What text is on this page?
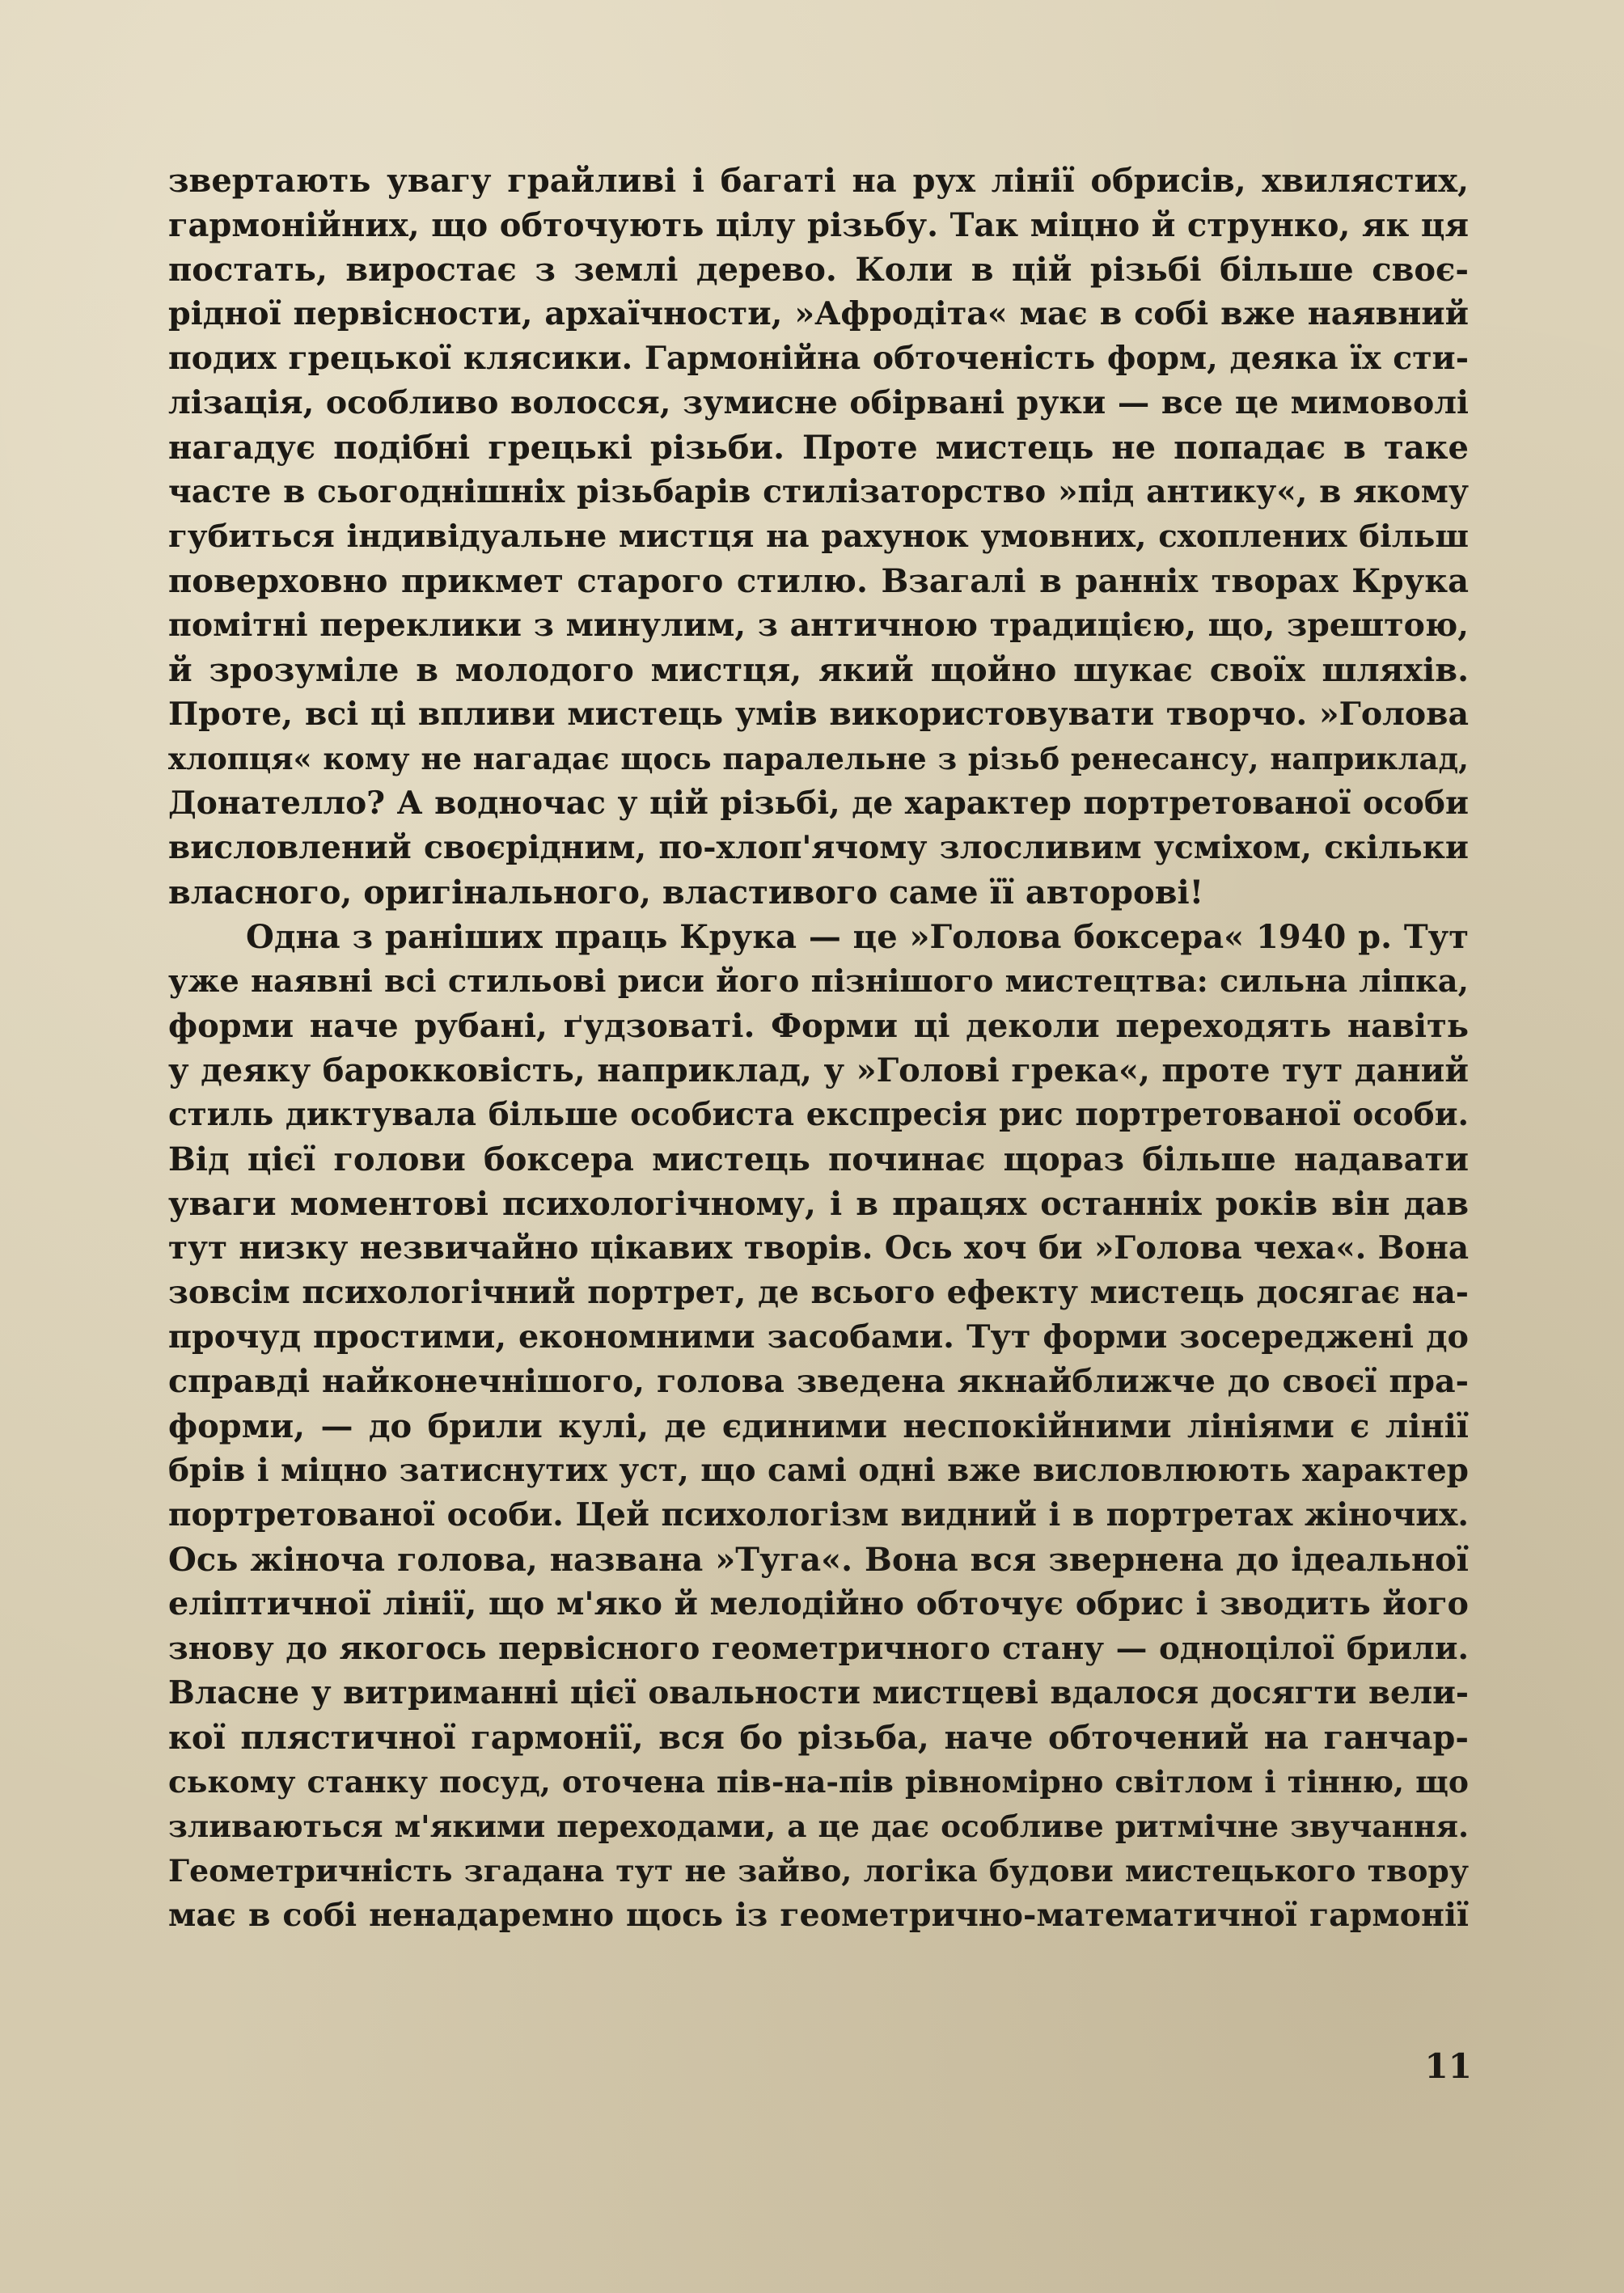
звертають увагу грайливі і багаті на рух лінії обрисів, хвилястих,
гармонійних, що обточують цілу різьбу. Так міцно й струнко, як ця
постать, виростає з землі дерево. Коли в цій різьбі більше своє-
рідної первісности, архаїчности, »Афродіта« має в собі вже наявний
подих грецької клясики. Гармонійна обточеність форм, деяка їх сти-
лізація, особливо волосся, зумисне обірвані руки — все це мимоволі
нагадує подібні грецькі різьби. Проте мистець не попадає в таке
часте в сьогоднішніх різьбарів стилізаторство »під антику«, в якому
губиться індивідуальне мистця на рахунок умовних, схоплених більш
поверховно прикмет старого стилю. Взагалі в ранніх творах Крука
помітні переклики з минулим, з античною традицією, що, зрештою,
й зрозуміле в молодого мистця, який щойно шукає своїх шляхів.
Проте, всі ці впливи мистець умів використовувати творчо. »Голова
хлопця« кому не нагадає щось паралельне з різьб ренесансу, наприклад,
Донателло? А водночас у цій різьбі, де характер портретованої особи
висловлений своєрідним, по-хлоп'ячому злосливим усміхом, скільки
власного, оригінального, властивого саме її авторові!
Одна з раніших праць Крука — це »Голова боксера« 1940 р. Тут
уже наявні всі стильові риси його пізнішого мистецтва: сильна ліпка,
форми наче рубані, ґудзоваті. Форми ці деколи переходять навіть
у деяку барокковість, наприклад, у »Голові грека«, проте тут даний
стиль диктувала більше особиста експресія рис портретованої особи.
Від цієї голови боксера мистець починає щораз більше надавати
уваги моментові психологічному, і в працях останніх років він дав
тут низку незвичайно цікавих творів. Ось хоч би »Голова чеха«. Вона
зовсім психологічний портрет, де всього ефекту мистець досягає на-
прочуд простими, економними засобами. Тут форми зосереджені до
справді найконечнішого, голова зведена якнайближче до своєї пра-
форми, — до брили кулі, де єдиними неспокійними лініями є лінії
брів і міцно затиснутих уст, що самі одні вже висловлюють характер
портретованої особи. Цей психологізм видний і в портретах жіночих.
Ось жіноча голова, названа »Туга«. Вона вся звернена до ідеальної
еліптичної лінії, що м'яко й мелодійно обточує обрис і зводить його
знову до якогось первісного геометричного стану — одноцілої брили.
Власне у витриманні цієї овальности мистцеві вдалося досягти вели-
кої плястичної гармонії, вся бо різьба, наче обточений на ганчар-
ському станку посуд, оточена пів-на-пів рівномірно світлом і тінню, що
зливаються м'якими переходами, а це дає особливе ритмічне звучання.
Геометричність згадана тут не зайво, логіка будови мистецького твору
має в собі ненадаремно щось із геометрично-математичної гармонії
11
